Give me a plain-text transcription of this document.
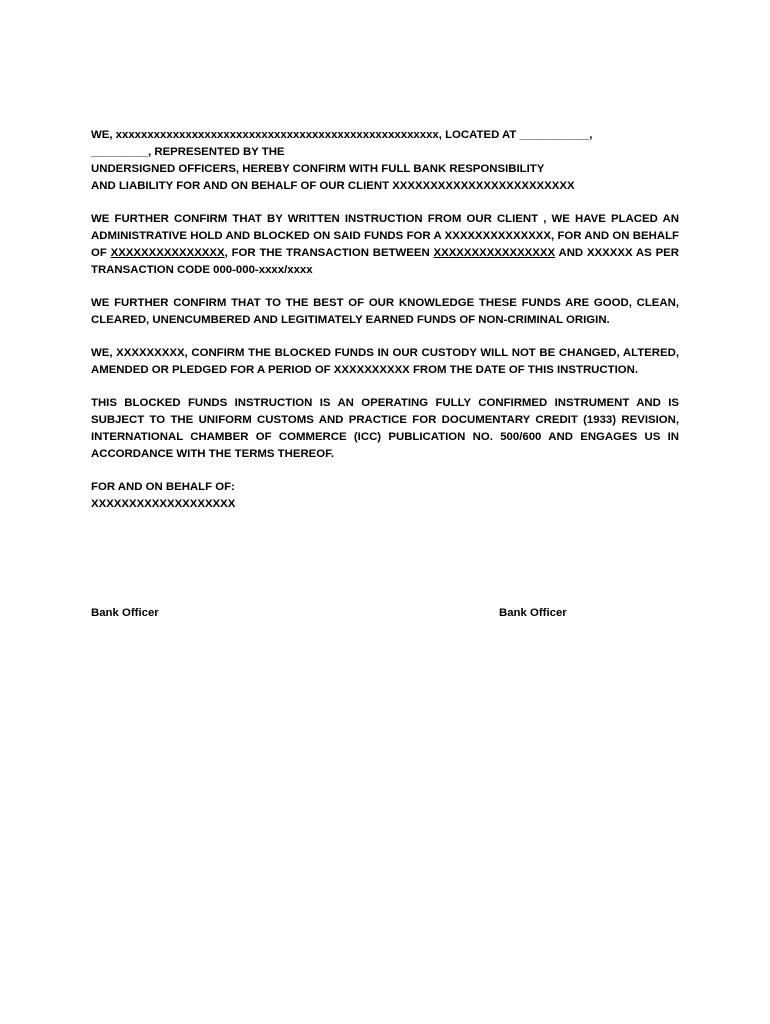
WE, xxxxxxxxxxxxxxxxxxxxxxxxxxxxxxxxxxxxxxxxxxxxxxxxxxx, LOCATED AT ___________,
_________, REPRESENTED BY THE
UNDERSIGNED OFFICERS, HEREBY CONFIRM WITH FULL BANK RESPONSIBILITY
AND LIABILITY FOR AND ON BEHALF OF OUR CLIENT XXXXXXXXXXXXXXXXXXXXXXXX

WE FURTHER CONFIRM THAT BY WRITTEN INSTRUCTION FROM OUR CLIENT , WE HAVE PLACED AN ADMINISTRATIVE HOLD AND BLOCKED ON SAID FUNDS FOR A XXXXXXXXXXXXXX, FOR AND ON BEHALF OF XXXXXXXXXXXXXXX, FOR THE TRANSACTION BETWEEN XXXXXXXXXXXXXXXX AND XXXXXX AS PER TRANSACTION CODE 000-000-xxxx/xxxx

WE FURTHER CONFIRM THAT TO THE BEST OF OUR KNOWLEDGE THESE FUNDS ARE GOOD, CLEAN, CLEARED, UNENCUMBERED AND LEGITIMATELY EARNED FUNDS OF NON-CRIMINAL ORIGIN.

WE, XXXXXXXXX, CONFIRM THE BLOCKED FUNDS IN OUR CUSTODY WILL NOT BE CHANGED, ALTERED, AMENDED OR PLEDGED FOR A PERIOD OF XXXXXXXXXX FROM THE DATE OF THIS INSTRUCTION.

THIS BLOCKED FUNDS INSTRUCTION IS AN OPERATING FULLY CONFIRMED INSTRUMENT AND IS SUBJECT TO THE UNIFORM CUSTOMS AND PRACTICE FOR DOCUMENTARY CREDIT (1933) REVISION, INTERNATIONAL CHAMBER OF COMMERCE (ICC) PUBLICATION NO. 500/600 AND ENGAGES US IN ACCORDANCE WITH THE TERMS THEREOF.

FOR AND ON BEHALF OF:
XXXXXXXXXXXXXXXXXXX

Bank Officer	Bank Officer
